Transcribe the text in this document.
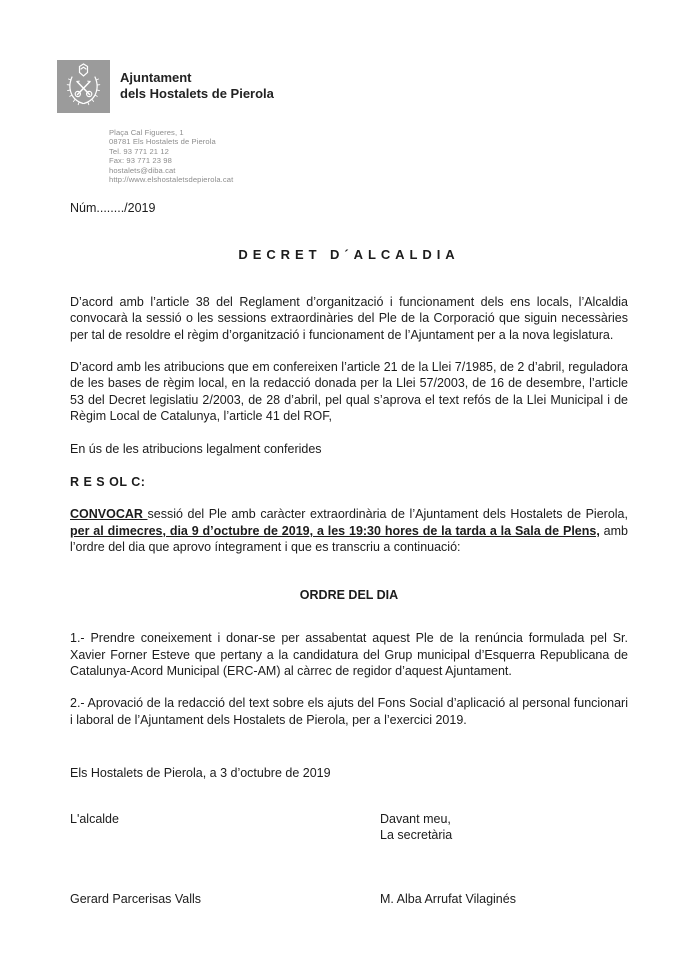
Ajuntament
dels Hostalets de Pierola
Plaça Cal Figueres, 1
08781 Els Hostalets de Pierola
Tel. 93 771 21 12
Fax: 93 771 23 98
hostalets@diba.cat
http://www.elshostaletsdepierola.cat

Núm......../2019

DECRET D´ALCALDIA

D’acord amb l’article 38 del Reglament d’organització i funcionament dels ens locals, l’Alcaldia convocarà la sessió o les sessions extraordinàries del Ple de la Corporació que siguin necessàries per tal de resoldre el règim d’organització i funcionament de l’Ajuntament per a la nova legislatura.

D’acord amb les atribucions que em confereixen l’article 21 de la Llei 7/1985, de 2 d’abril, reguladora de les bases de règim local, en la redacció donada per la Llei 57/2003, de 16 de desembre, l’article 53 del Decret legislatiu 2/2003, de 28 d’abril, pel qual s’aprova el text refós de la Llei Municipal i de Règim Local de Catalunya, l’article 41 del ROF,

En ús de les atribucions legalment conferides

R E S OL C:

CONVOCAR sessió del Ple amb caràcter extraordinària de l’Ajuntament dels Hostalets de Pierola, per al dimecres, dia 9 d’octubre de 2019, a les 19:30 hores de la tarda a la Sala de Plens, amb l’ordre del dia que aprovo íntegrament i que es transcriu a continuació:

ORDRE DEL DIA

1.- Prendre coneixement i donar-se per assabentat aquest Ple de la renúncia formulada pel Sr. Xavier Forner Esteve que pertany a la candidatura del Grup municipal d’Esquerra Republicana de Catalunya-Acord Municipal (ERC-AM) al càrrec de regidor d’aquest Ajuntament.

2.- Aprovació de la redacció del text sobre els ajuts del Fons Social d’aplicació al personal funcionari i laboral de l’Ajuntament dels Hostalets de Pierola, per a l’exercici 2019.

Els Hostalets de Pierola, a 3 d’octubre de 2019

L'alcalde	Davant meu,
La secretària
Gerard Parcerisas Valls	M. Alba Arrufat Vilaginés
